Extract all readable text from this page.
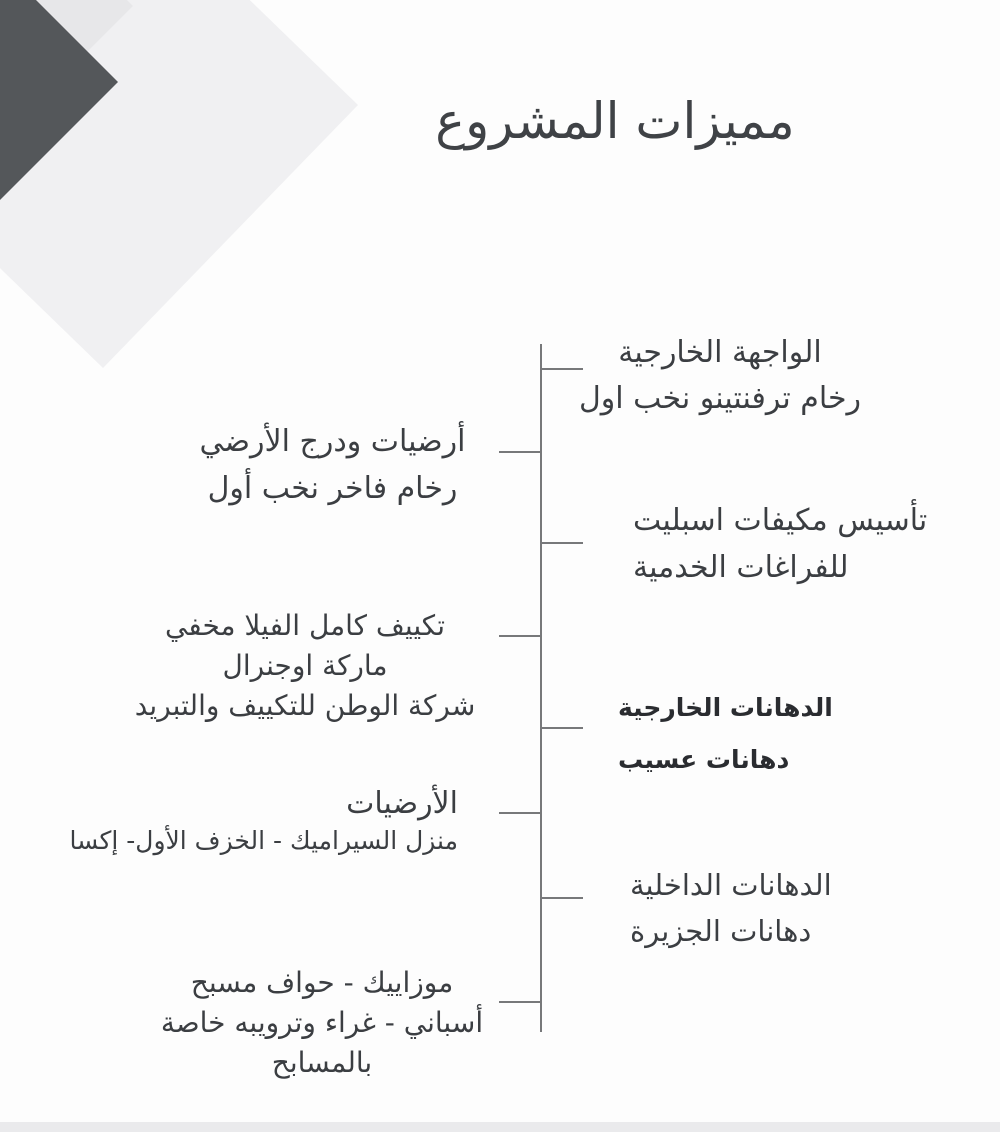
مميزات المشروع
الواجهة الخارجية
رخام ترفنتينو نخب اول
أرضيات ودرج الأرضي
رخام فاخر نخب أول
تأسيس مكيفات اسبليت
للفراغات الخدمية
تكييف كامل الفيلا مخفي
ماركة اوجنرال
شركة الوطن للتكييف والتبريد	الدهانات الخارجية
دهانات عسيب
الأرضيات
منزل السيراميك - الخزف الأول- إكسا
الدهانات الداخلية
دهانات الجزيرة
موزاييك - حواف مسبح
أسباني - غراء وترويبه خاصة
بالمسابح
